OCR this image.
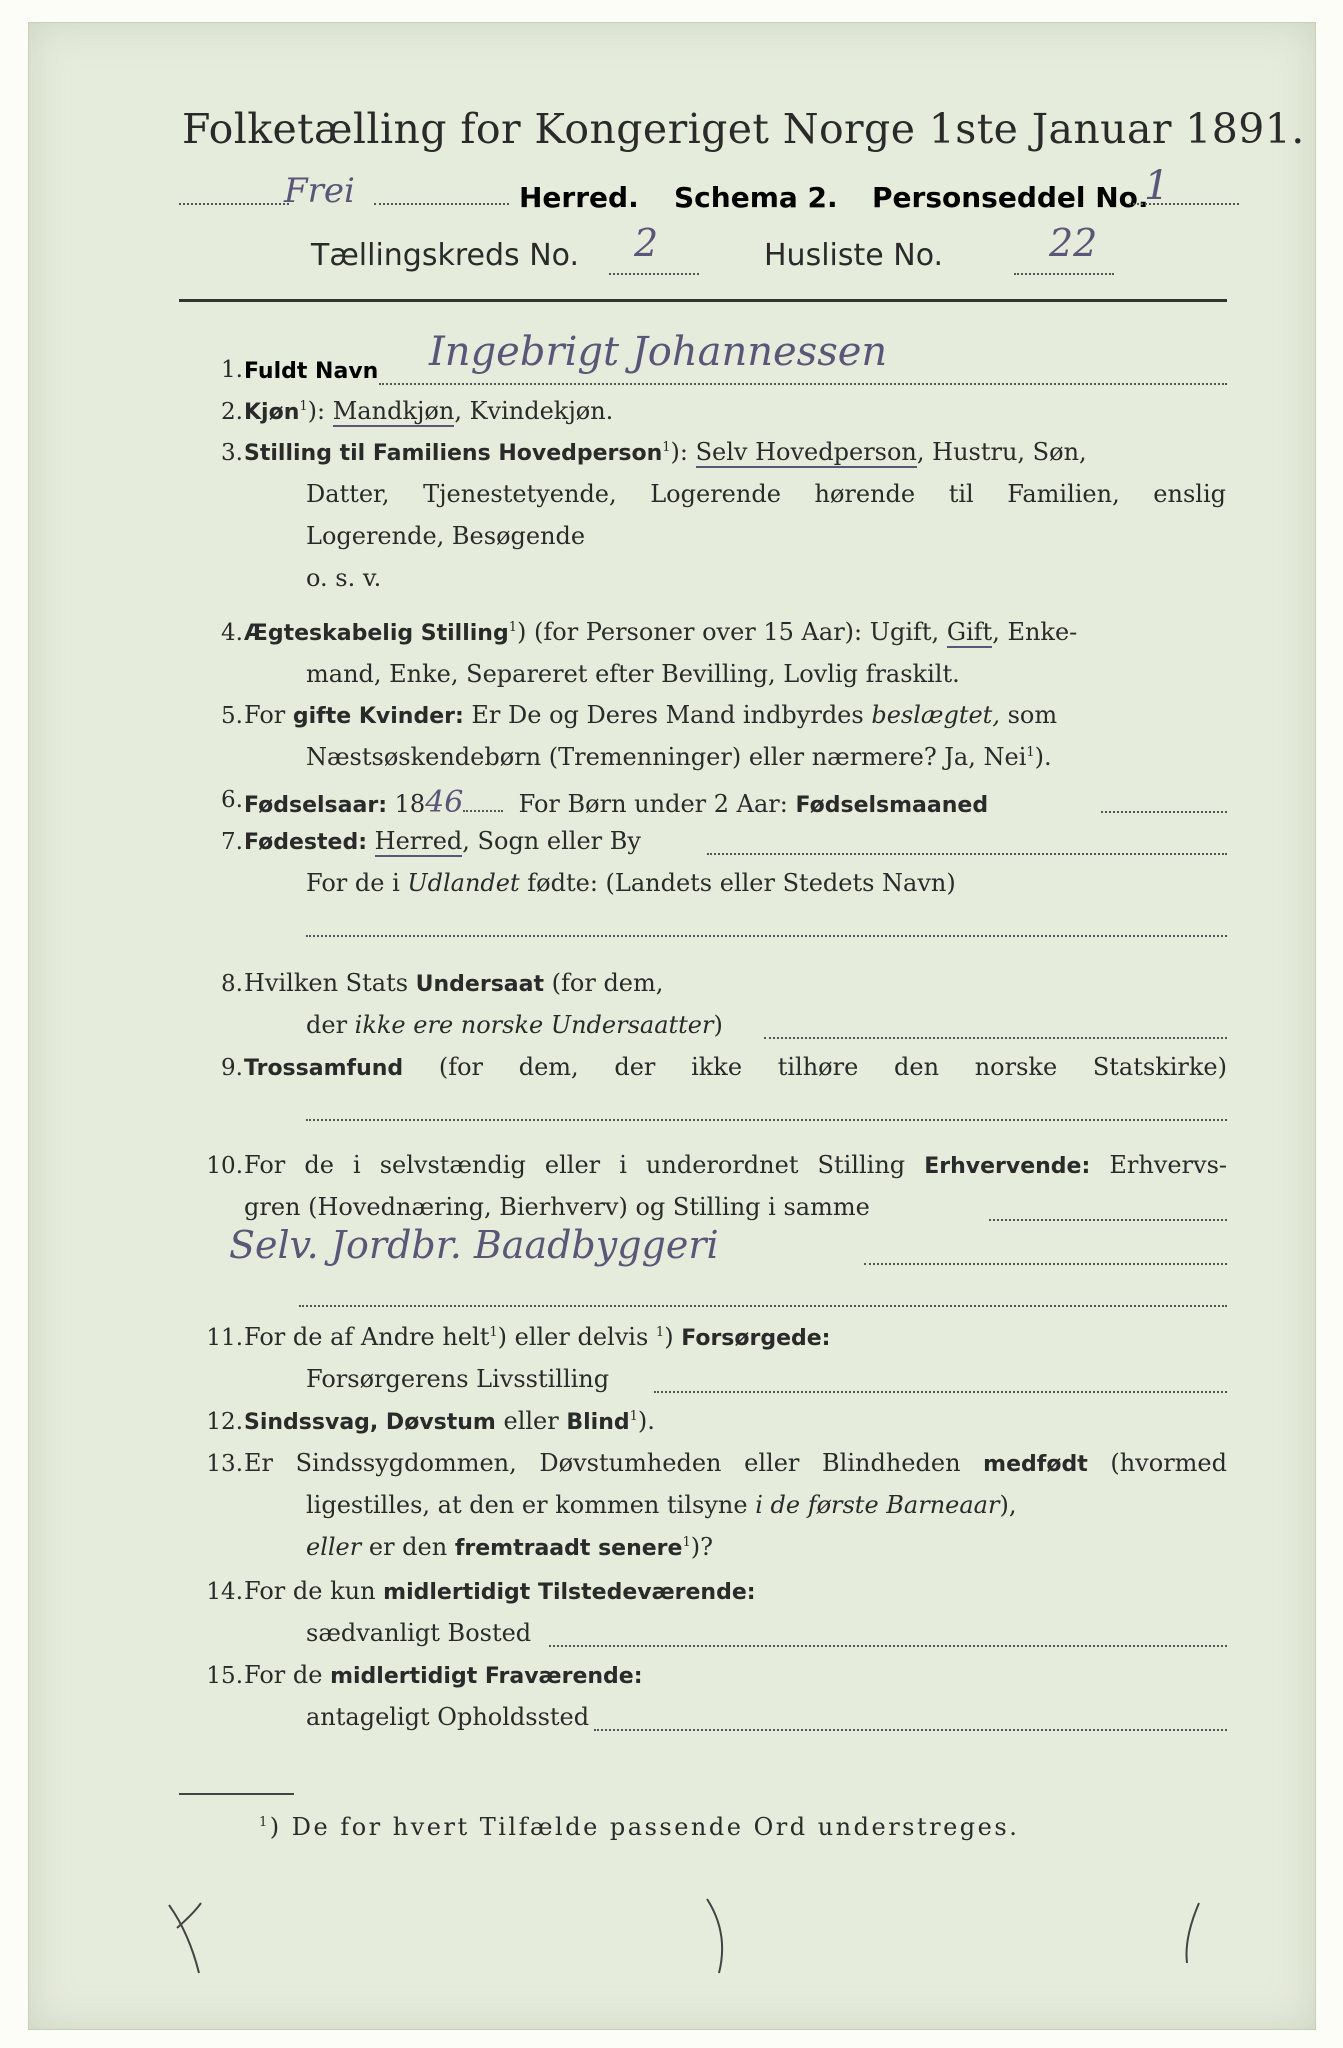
Folketælling for Kongeriget Norge 1ste Januar 1891.
Frei	Herred. Schema 2. Personseddel No.
1
Tællingskreds No. 2	Husliste No.	22
1. Fuldt Navn Ingebrigt Johannessen
2. Kjøn$^1$): Mandkjøn, Kvindekjøn.
3. Stilling til Familiens Hovedperson$^1$): Selv Hovedperson, Hustru, Søn,
Datter, Tjenestetyende, Logerende hørende til Familien, enslig
Logerende, Besøgende
o. s. v.
4. Ægteskabelig Stilling$^1$) (for Personer over 15 Aar): Ugift, Gift, Enke-
mand, Enke, Separeret efter Bevilling, Lovlig fraskilt.
5. For gifte Kvinder: Er De og Deres Mand indbyrdes beslægtet, som
Næstsøskendebørn (Tremenninger) eller nærmere? Ja, Nei$^1$).
6. Fødselsaar: 1846 For Børn under 2 Aar: Fødselsmaaned
7. Fødested: Herred, Sogn eller By
For de i Udlandet fødte: (Landets eller Stedets Navn)
8. Hvilken Stats Undersaat (for dem,
der ikke ere norske Undersaatter)
9. Trossamfund (for dem, der ikke tilhøre den norske Statskirke)
10. For de i selvstændig eller i underordnet Stilling Erhvervende: Erhvervs-
gren (Hovednæring, Bierhverv) og Stilling i samme
Selv. Jordbr. Baadbyggeri
11. For de af Andre helt$^1$) eller delvis $^1$) Forsørgede:
Forsørgerens Livsstilling
12. Sindssvag, Døvstum eller Blind$^1$).
13. Er Sindssygdommen, Døvstumheden eller Blindheden medfødt (hvormed
ligestilles, at den er kommen tilsyne i de første Barneaar),
eller er den fremtraadt senere$^1$)?
14. For de kun midlertidigt Tilstedeværende:
sædvanligt Bosted
15. For de midlertidigt Fraværende:
antageligt Opholdssted
$^1$) De for hvert Tilfælde passende Ord understreges.
